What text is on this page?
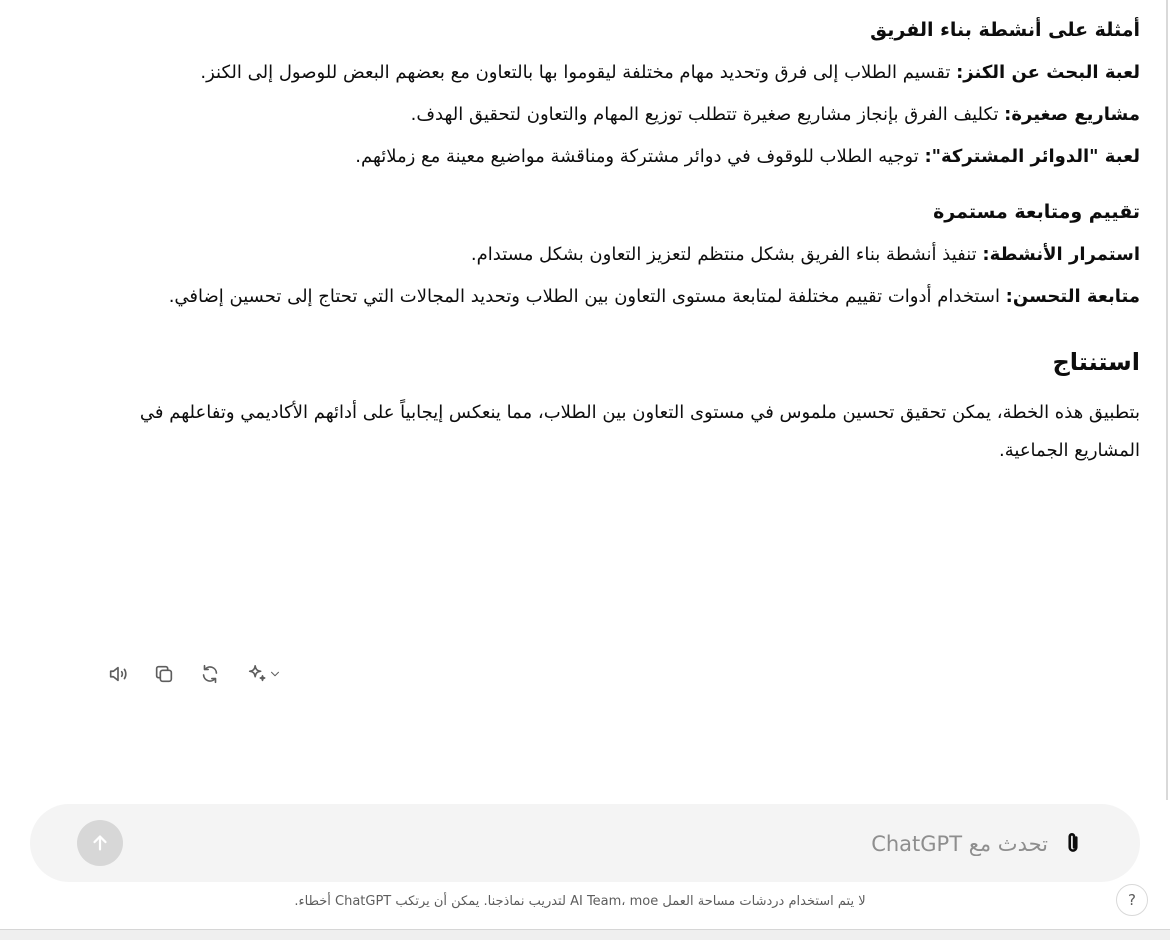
أمثلة على أنشطة بناء الفريق

لعبة البحث عن الكنز: تقسيم الطلاب إلى فرق وتحديد مهام مختلفة ليقوموا بها بالتعاون مع بعضهم البعض للوصول إلى الكنز.

مشاريع صغيرة: تكليف الفرق بإنجاز مشاريع صغيرة تتطلب توزيع المهام والتعاون لتحقيق الهدف.

لعبة "الدوائر المشتركة": توجيه الطلاب للوقوف في دوائر مشتركة ومناقشة مواضيع معينة مع زملائهم.

تقييم ومتابعة مستمرة

استمرار الأنشطة: تنفيذ أنشطة بناء الفريق بشكل منتظم لتعزيز التعاون بشكل مستدام.

متابعة التحسن: استخدام أدوات تقييم مختلفة لمتابعة مستوى التعاون بين الطلاب وتحديد المجالات التي تحتاج إلى تحسين إضافي.

استنتاج

بتطبيق هذه الخطة، يمكن تحقيق تحسين ملموس في مستوى التعاون بين الطلاب، مما ينعكس إيجابياً على أدائهم الأكاديمي وتفاعلهم في المشاريع الجماعية.

تحدث مع ChatGPT
لا يتم استخدام دردشات مساحة العمل AI Team، moe لتدريب نماذجنا. يمكن أن يرتكب ChatGPT أخطاء.	?
